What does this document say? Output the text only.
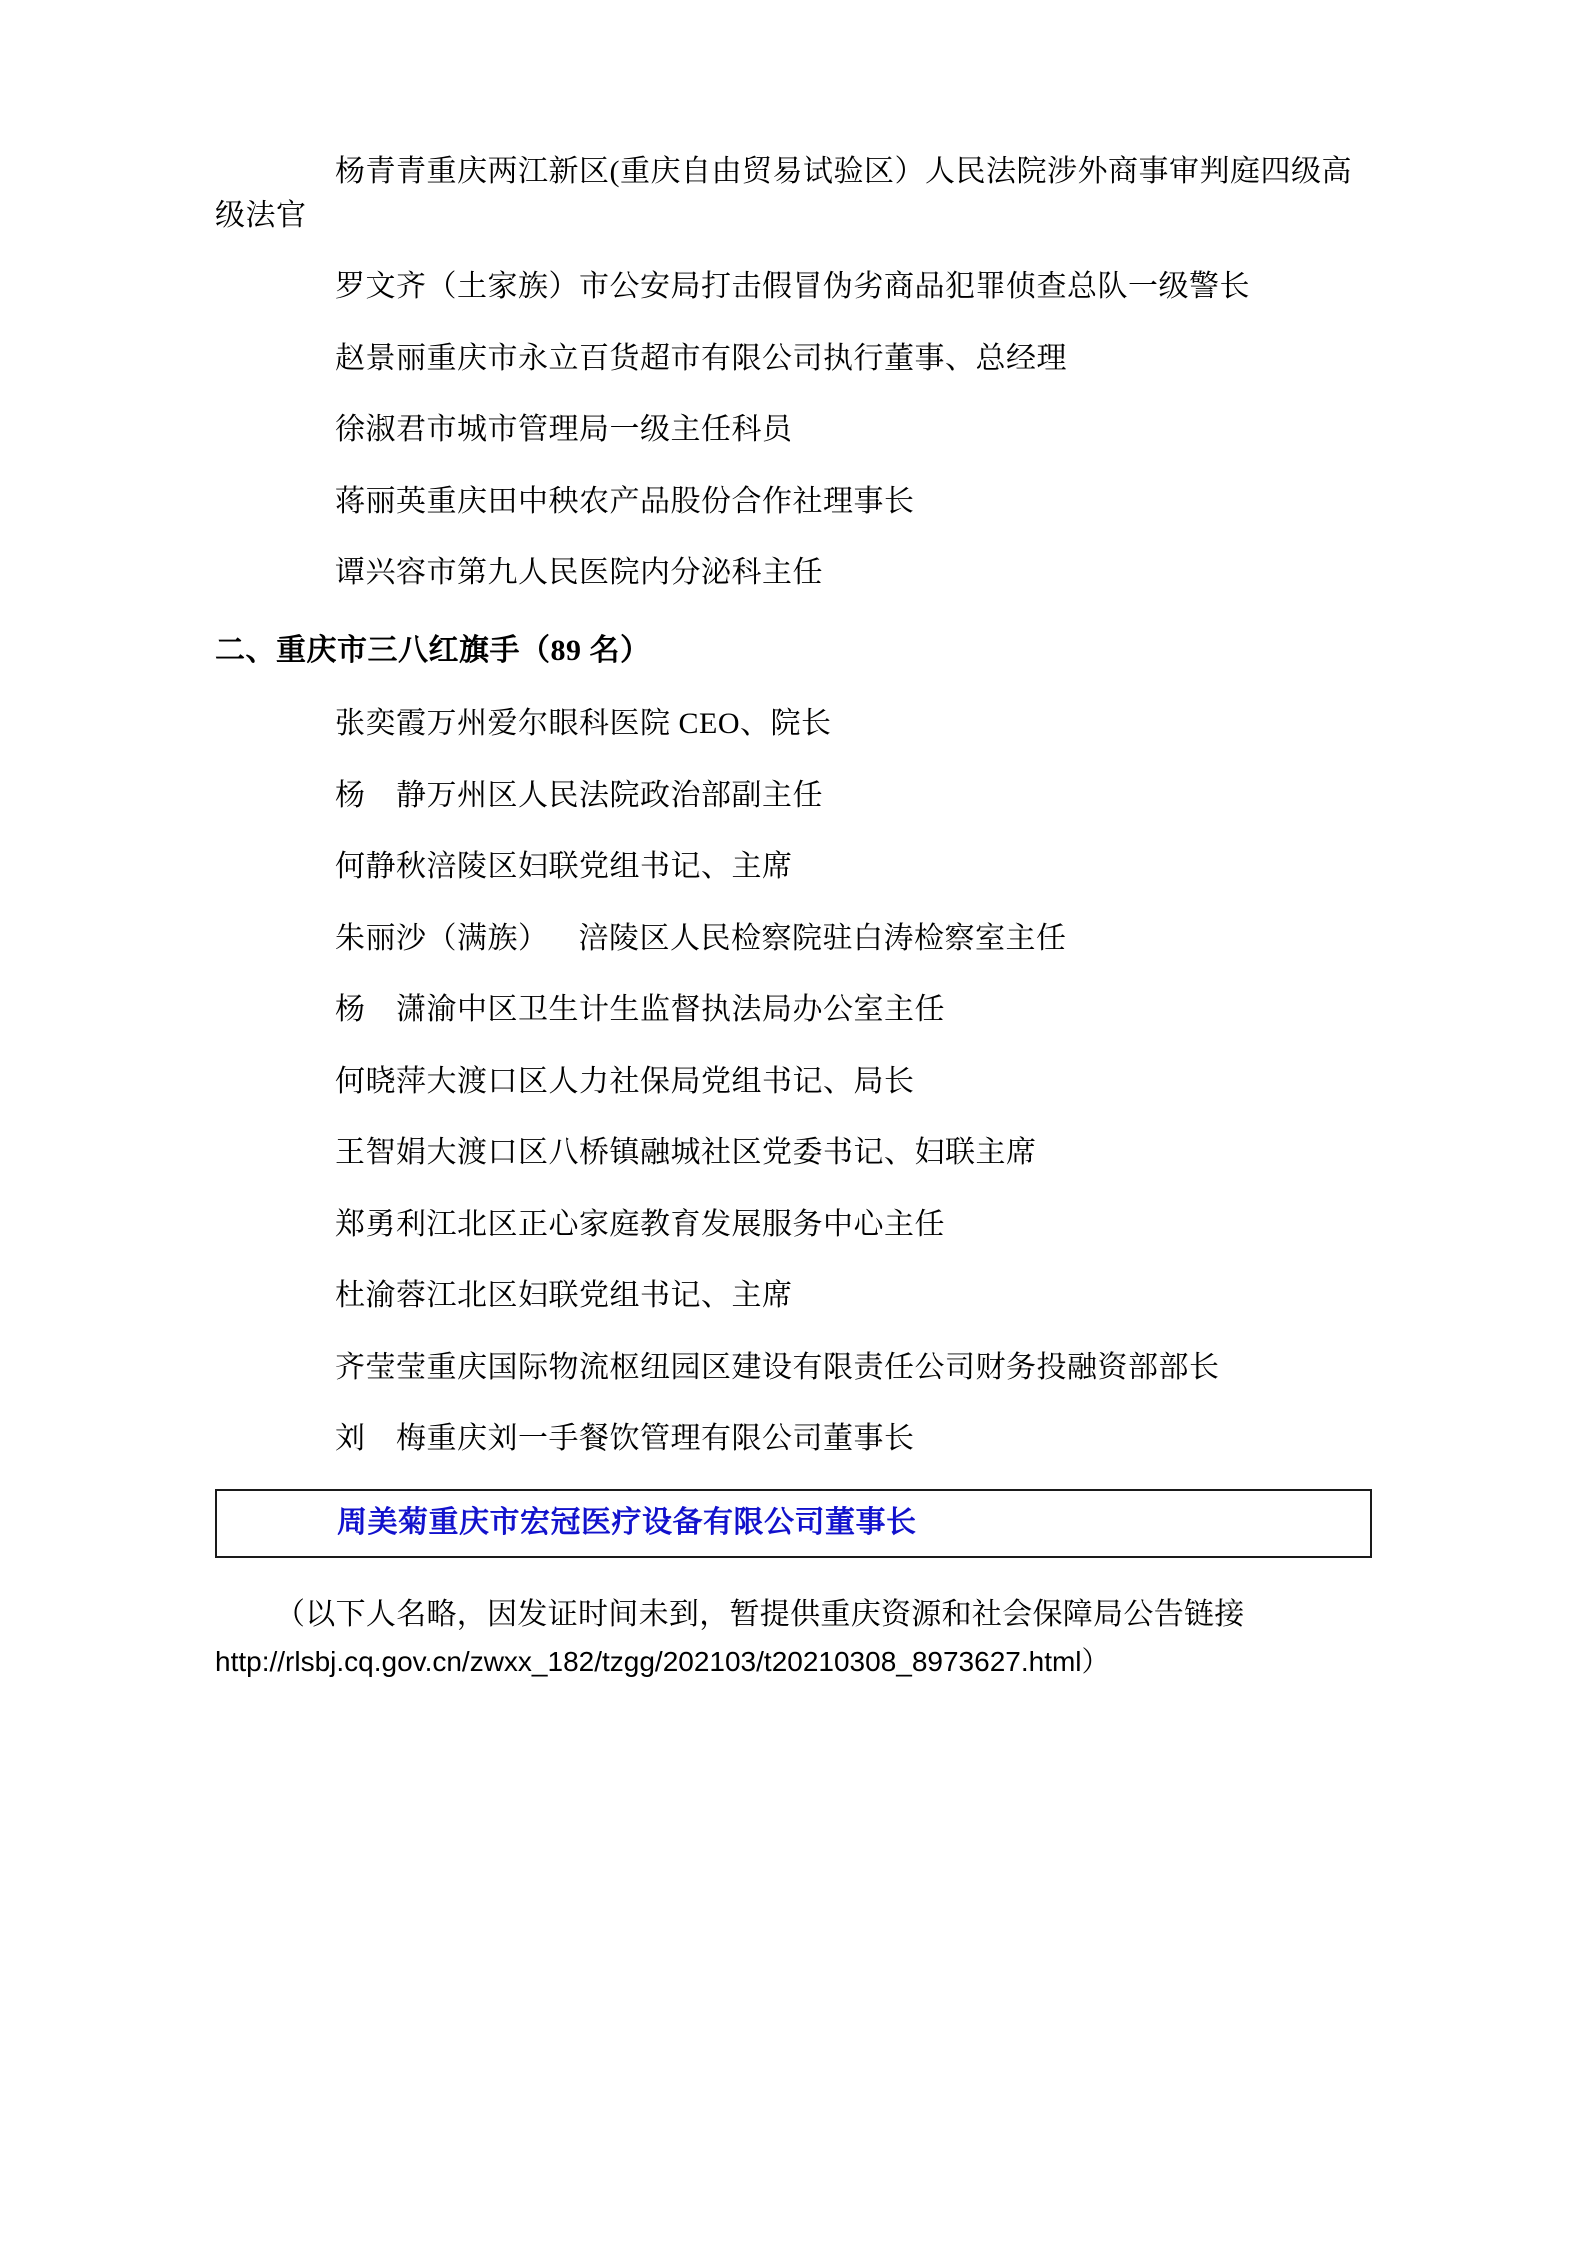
杨青青重庆两江新区(重庆自由贸易试验区）人民法院涉外商事审判庭四级高级法官

罗文齐（土家族）市公安局打击假冒伪劣商品犯罪侦查总队一级警长

赵景丽重庆市永立百货超市有限公司执行董事、总经理

徐淑君市城市管理局一级主任科员

蒋丽英重庆田中秧农产品股份合作社理事长

谭兴容市第九人民医院内分泌科主任

二、重庆市三八红旗手（89 名）

张奕霞万州爱尔眼科医院 CEO、院长

杨　静万州区人民法院政治部副主任

何静秋涪陵区妇联党组书记、主席

朱丽沙（满族） 涪陵区人民检察院驻白涛检察室主任

杨　潇渝中区卫生计生监督执法局办公室主任

何晓萍大渡口区人力社保局党组书记、局长

王智娟大渡口区八桥镇融城社区党委书记、妇联主席

郑勇利江北区正心家庭教育发展服务中心主任

杜渝蓉江北区妇联党组书记、主席

齐莹莹重庆国际物流枢纽园区建设有限责任公司财务投融资部部长

刘　梅重庆刘一手餐饮管理有限公司董事长

周美菊重庆市宏冠医疗设备有限公司董事长

（以下人名略，因发证时间未到，暂提供重庆资源和社会保障局公告链接
http://rlsbj.cq.gov.cn/zwxx_182/tzgg/202103/t20210308_8973627.html）
